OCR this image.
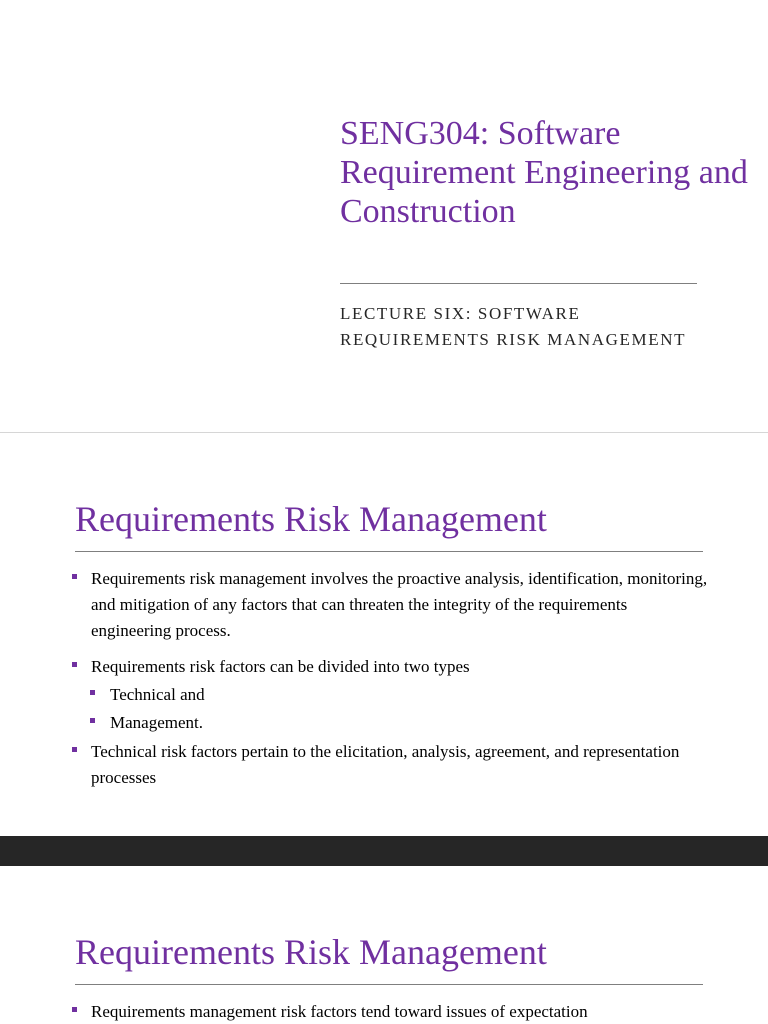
SENG304: Software Requirement Engineering and Construction

LECTURE SIX: SOFTWARE
REQUIREMENTS RISK MANAGEMENT

Requirements Risk Management
Requirements risk management involves the proactive analysis, identification, monitoring, and mitigation of any factors that can threaten the integrity of the requirements engineering process.
Requirements risk factors can be divided into two types
Technical and
Management.
Technical risk factors pertain to the elicitation, analysis, agreement, and representation processes
Requirements Risk Management
Requirements management risk factors tend toward issues of expectation
